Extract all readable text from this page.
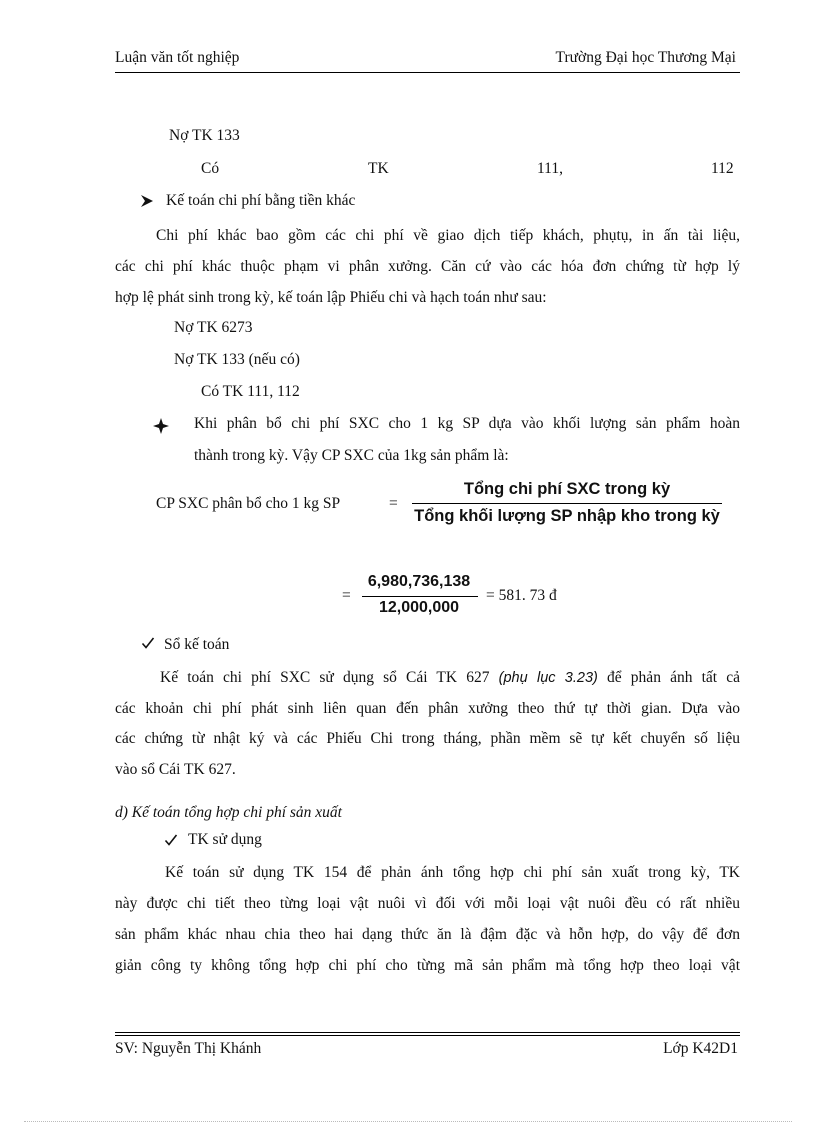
Luận văn tốt nghiệp	Trường Đại học Thương Mại
Nợ TK 133
Có	TK	111,	112
Kế toán chi phí bằng tiền khác
Chi phí khác bao gồm các chi phí về giao dịch tiếp khách, phụtụ, in ấn tài liệu,
các chi phí khác thuộc phạm vi phân xưởng. Căn cứ vào các hóa đơn chứng từ hợp lý
hợp lệ phát sinh trong kỳ, kế toán lập Phiếu chi và hạch toán như sau:
Nợ TK 6273
Nợ TK 133 (nếu có)
Có TK 111, 112
Khi phân bổ chi phí SXC cho 1 kg SP dựa vào khối lượng sản phẩm hoàn
thành trong kỳ. Vậy CP SXC của 1kg sản phẩm là:
CP SXC phân bổ cho 1 kg SP	=
Tổng chi phí SXC trong kỳ
Tổng khối lượng SP nhập kho trong kỳ
=
6,980,736,138
12,000,000
= 581. 73 đ
Sổ kế toán
Kế toán chi phí SXC sử dụng sổ Cái TK 627 (phụ lục 3.23) để phản ánh tất cả
các khoản chi phí phát sinh liên quan đến phân xưởng theo thứ tự thời gian. Dựa vào
các chứng từ nhật ký và các Phiếu Chi trong tháng, phần mềm sẽ tự kết chuyển số liệu
vào sổ Cái TK 627.
d) Kế toán tổng hợp chi phí sản xuất
TK sử dụng
Kế toán sử dụng TK 154 để phản ánh tổng hợp chi phí sản xuất trong kỳ, TK
này được chi tiết theo từng loại vật nuôi vì đối với mỗi loại vật nuôi đều có rất nhiều
sản phẩm khác nhau chia theo hai dạng thức ăn là đậm đặc và hỗn hợp, do vậy để đơn
giản công ty không tổng hợp chi phí cho từng mã sản phẩm mà tổng hợp theo loại vật
SV: Nguyễn Thị Khánh	Lớp K42D1
